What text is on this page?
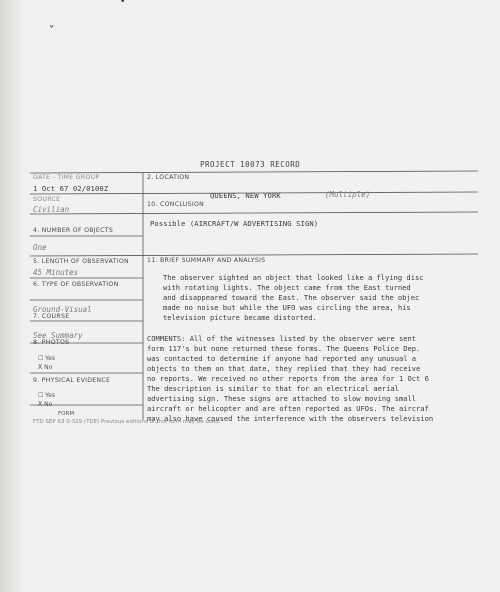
•
ˇ
PROJECT 10073 RECORD
DATE - TIME GROUP
1 Oct 67 02/0100Z
SOURCE
Civilian
4. NUMBER OF OBJECTS
One
5. LENGTH OF OBSERVATION
45 Minutes
6. TYPE OF OBSERVATION
Ground-Visual
7. COURSE
See Summary
8. PHOTOS
☐ Yes
X No
9. PHYSICAL EVIDENCE
☐ Yes
X No
2. LOCATION
QUEENS, NEW YORK	(Multiple)
10. CONCLUSION
Possible (AIRCRAFT/W ADVERTISING SIGN)
11. BRIEF SUMMARY AND ANALYSIS
The observer sighted an object that looked like a flying disc
with rotating lights. The object came from the East turned
and disappeared toward the East. The observer said the objec
made no noise but while the UFO was circling the area, his
television picture became distorted.
COMMENTS: All of the witnesses listed by the observer were sent
form 117's but none returned these forms. The Queens Police Dep.
was contacted to determine if anyone had reported any unusual a
objects to them on that date, they replied that they had receive
no reports. We received no other reports from the area for 1 Oct 6
The description is similar to that for an electrical aerial
advertising sign. These signs are attached to slow moving small
aircraft or helicopter and are often reported as UFOs. The aircraf
may also have caused the interference with the observers television
FORM
FTD SEP 63 0-329 (TDE) Previous editions of this form may be used.
